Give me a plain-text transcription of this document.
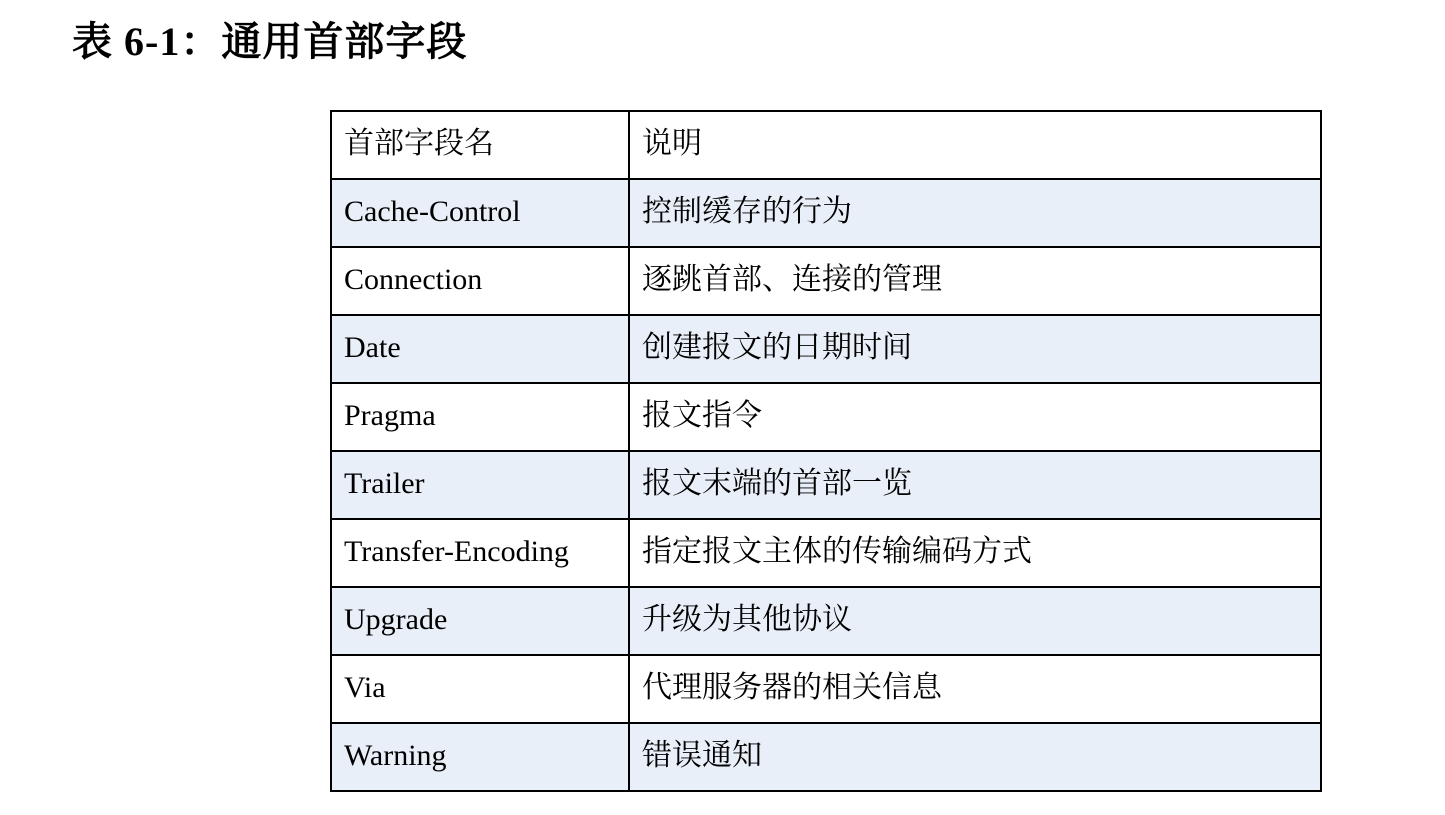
表 6-1：通用首部字段
首部字段名	说明
Cache-Control	控制缓存的行为
Connection	逐跳首部、连接的管理
Date	创建报文的日期时间
Pragma	报文指令
Trailer	报文末端的首部一览
Transfer-Encoding	指定报文主体的传输编码方式
Upgrade	升级为其他协议
Via	代理服务器的相关信息
Warning	错误通知
